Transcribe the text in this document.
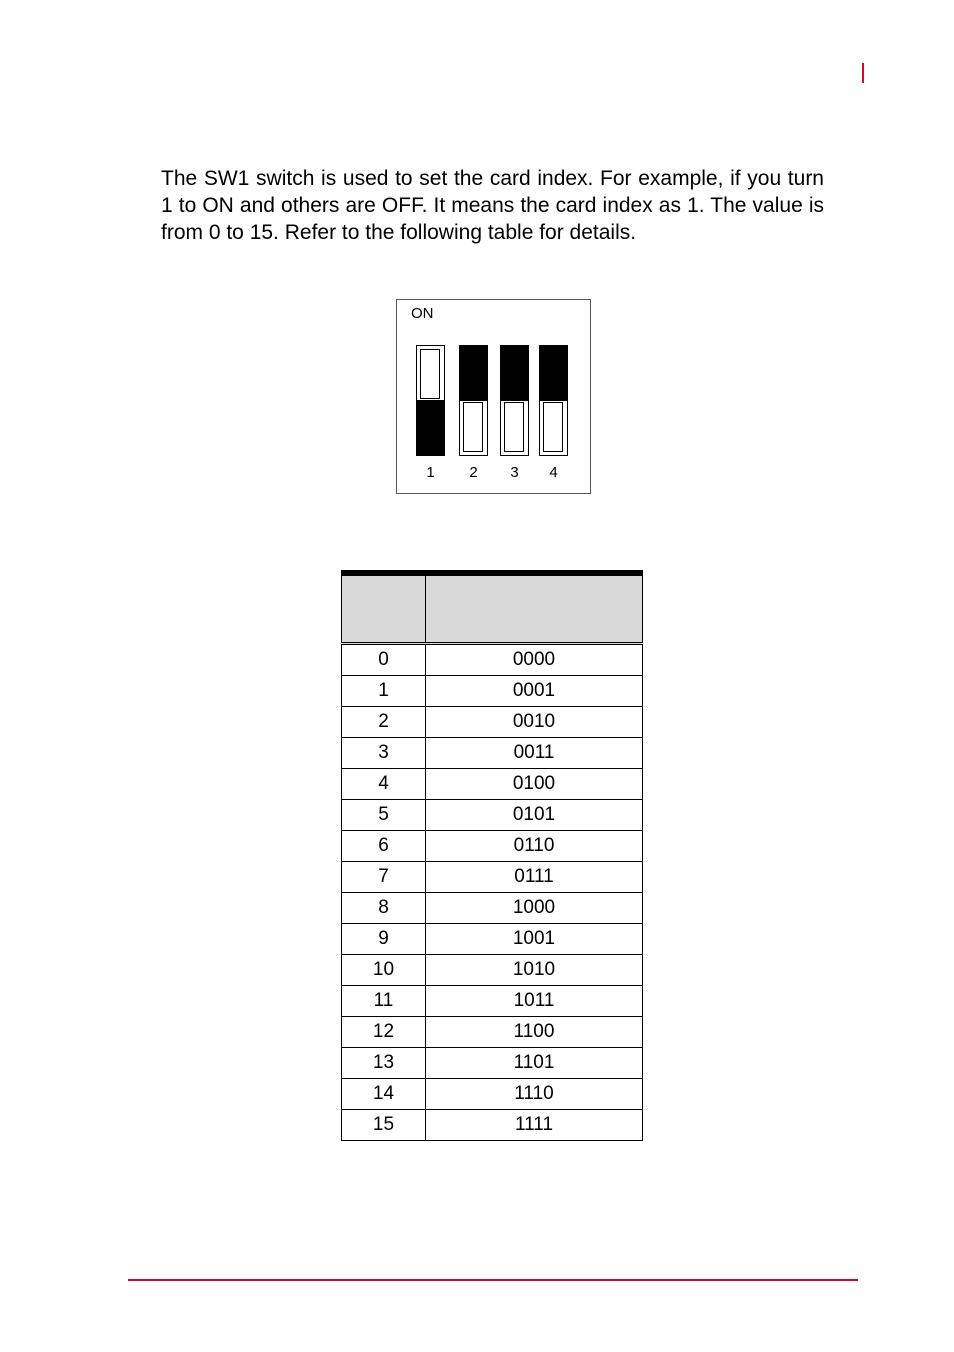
The SW1 switch is used to set the card index. For example, if you turn 1 to ON and others are OFF. It means the card index as 1. The value is from 0 to 15. Refer to the following table for details.

ON
1	2	3	4

0	0000
1	0001
2	0010
3	0011
4	0100
5	0101
6	0110
7	0111
8	1000
9	1001
10	1010
11	1011
12	1100
13	1101
14	1110
15	1111
